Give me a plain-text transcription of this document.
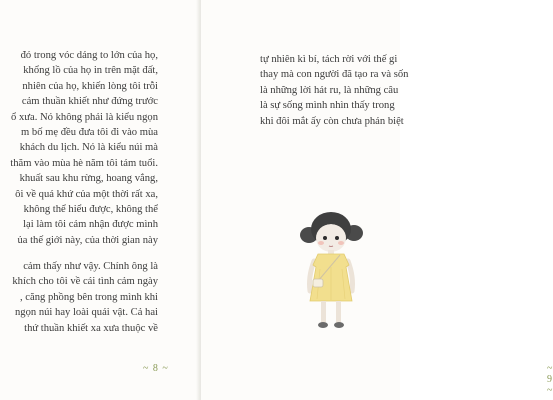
đó trong vóc dáng to lớn của họ,
khổng lồ của họ in trên mặt đất,
nhiên của họ, khiến lòng tôi trỗi
cảm thuần khiết như đứng trước
ổ xưa. Nó không phải là kiểu ngọn
m bố mẹ đều đưa tôi đi vào mùa
khách du lịch. Nó là kiểu núi mà
thăm vào mùa hè năm tôi tám tuổi.
khuất sau khu rừng, hoang vắng,
ôi về quá khứ của một thời rất xa,
không thể hiểu được, không thể
lại làm tôi cảm nhận được mình
ủa thế giới này, của thời gian này
cảm thấy như vậy. Chính ông là
khích cho tôi về cái tình cảm ngày
, căng phồng bên trong mình khi
ngọn núi hay loài quái vật. Cả hai
thứ thuần khiết xa xưa thuộc về
~ 8 ~
tự nhiên kì bí, tách rời với thế gi
thay mà con người đã tạo ra và sốn
là những lời hát ru, là những câu
là sự sống mình nhìn thấy trong
khi đôi mắt ấy còn chưa phán biệt
~ 9 ~
